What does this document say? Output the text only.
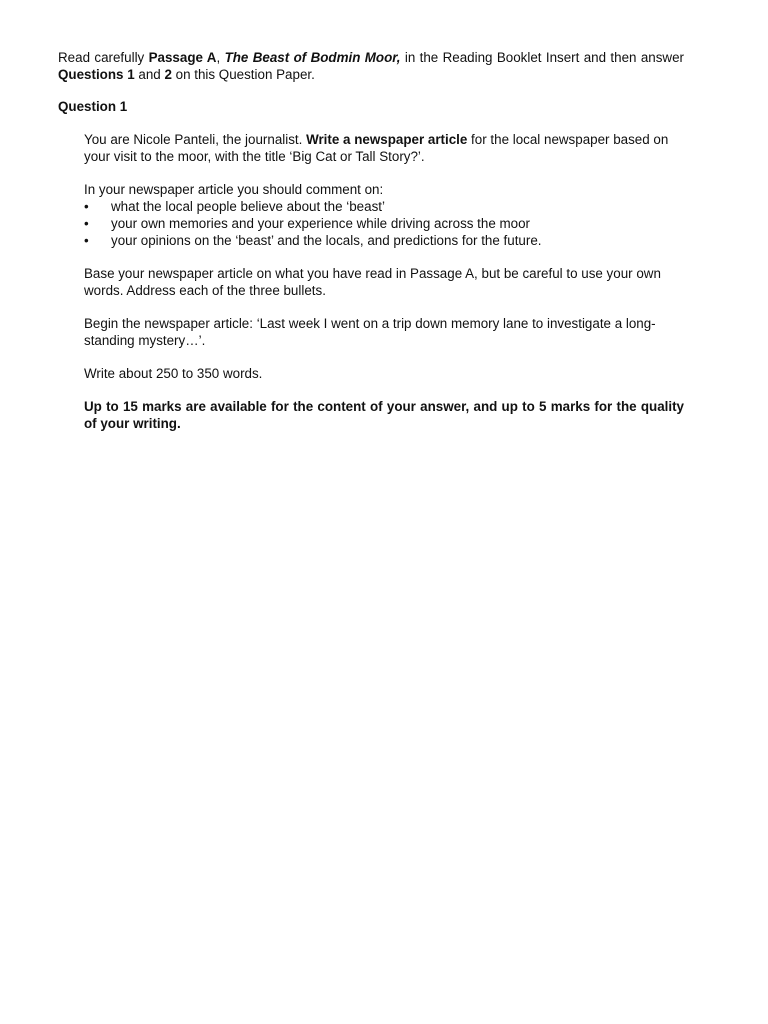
Read carefully Passage A, The Beast of Bodmin Moor, in the Reading Booklet Insert and then answer Questions 1 and 2 on this Question Paper.

Question 1

You are Nicole Panteli, the journalist. Write a newspaper article for the local newspaper based on your visit to the moor, with the title ‘Big Cat or Tall Story?’.

In your newspaper article you should comment on:

• what the local people believe about the ‘beast’
• your own memories and your experience while driving across the moor
• your opinions on the ‘beast’ and the locals, and predictions for the future.

Base your newspaper article on what you have read in Passage A, but be careful to use your own words. Address each of the three bullets.

Begin the newspaper article: ‘Last week I went on a trip down memory lane to investigate a long-standing mystery…’.

Write about 250 to 350 words.

Up to 15 marks are available for the content of your answer, and up to 5 marks for the quality of your writing.
